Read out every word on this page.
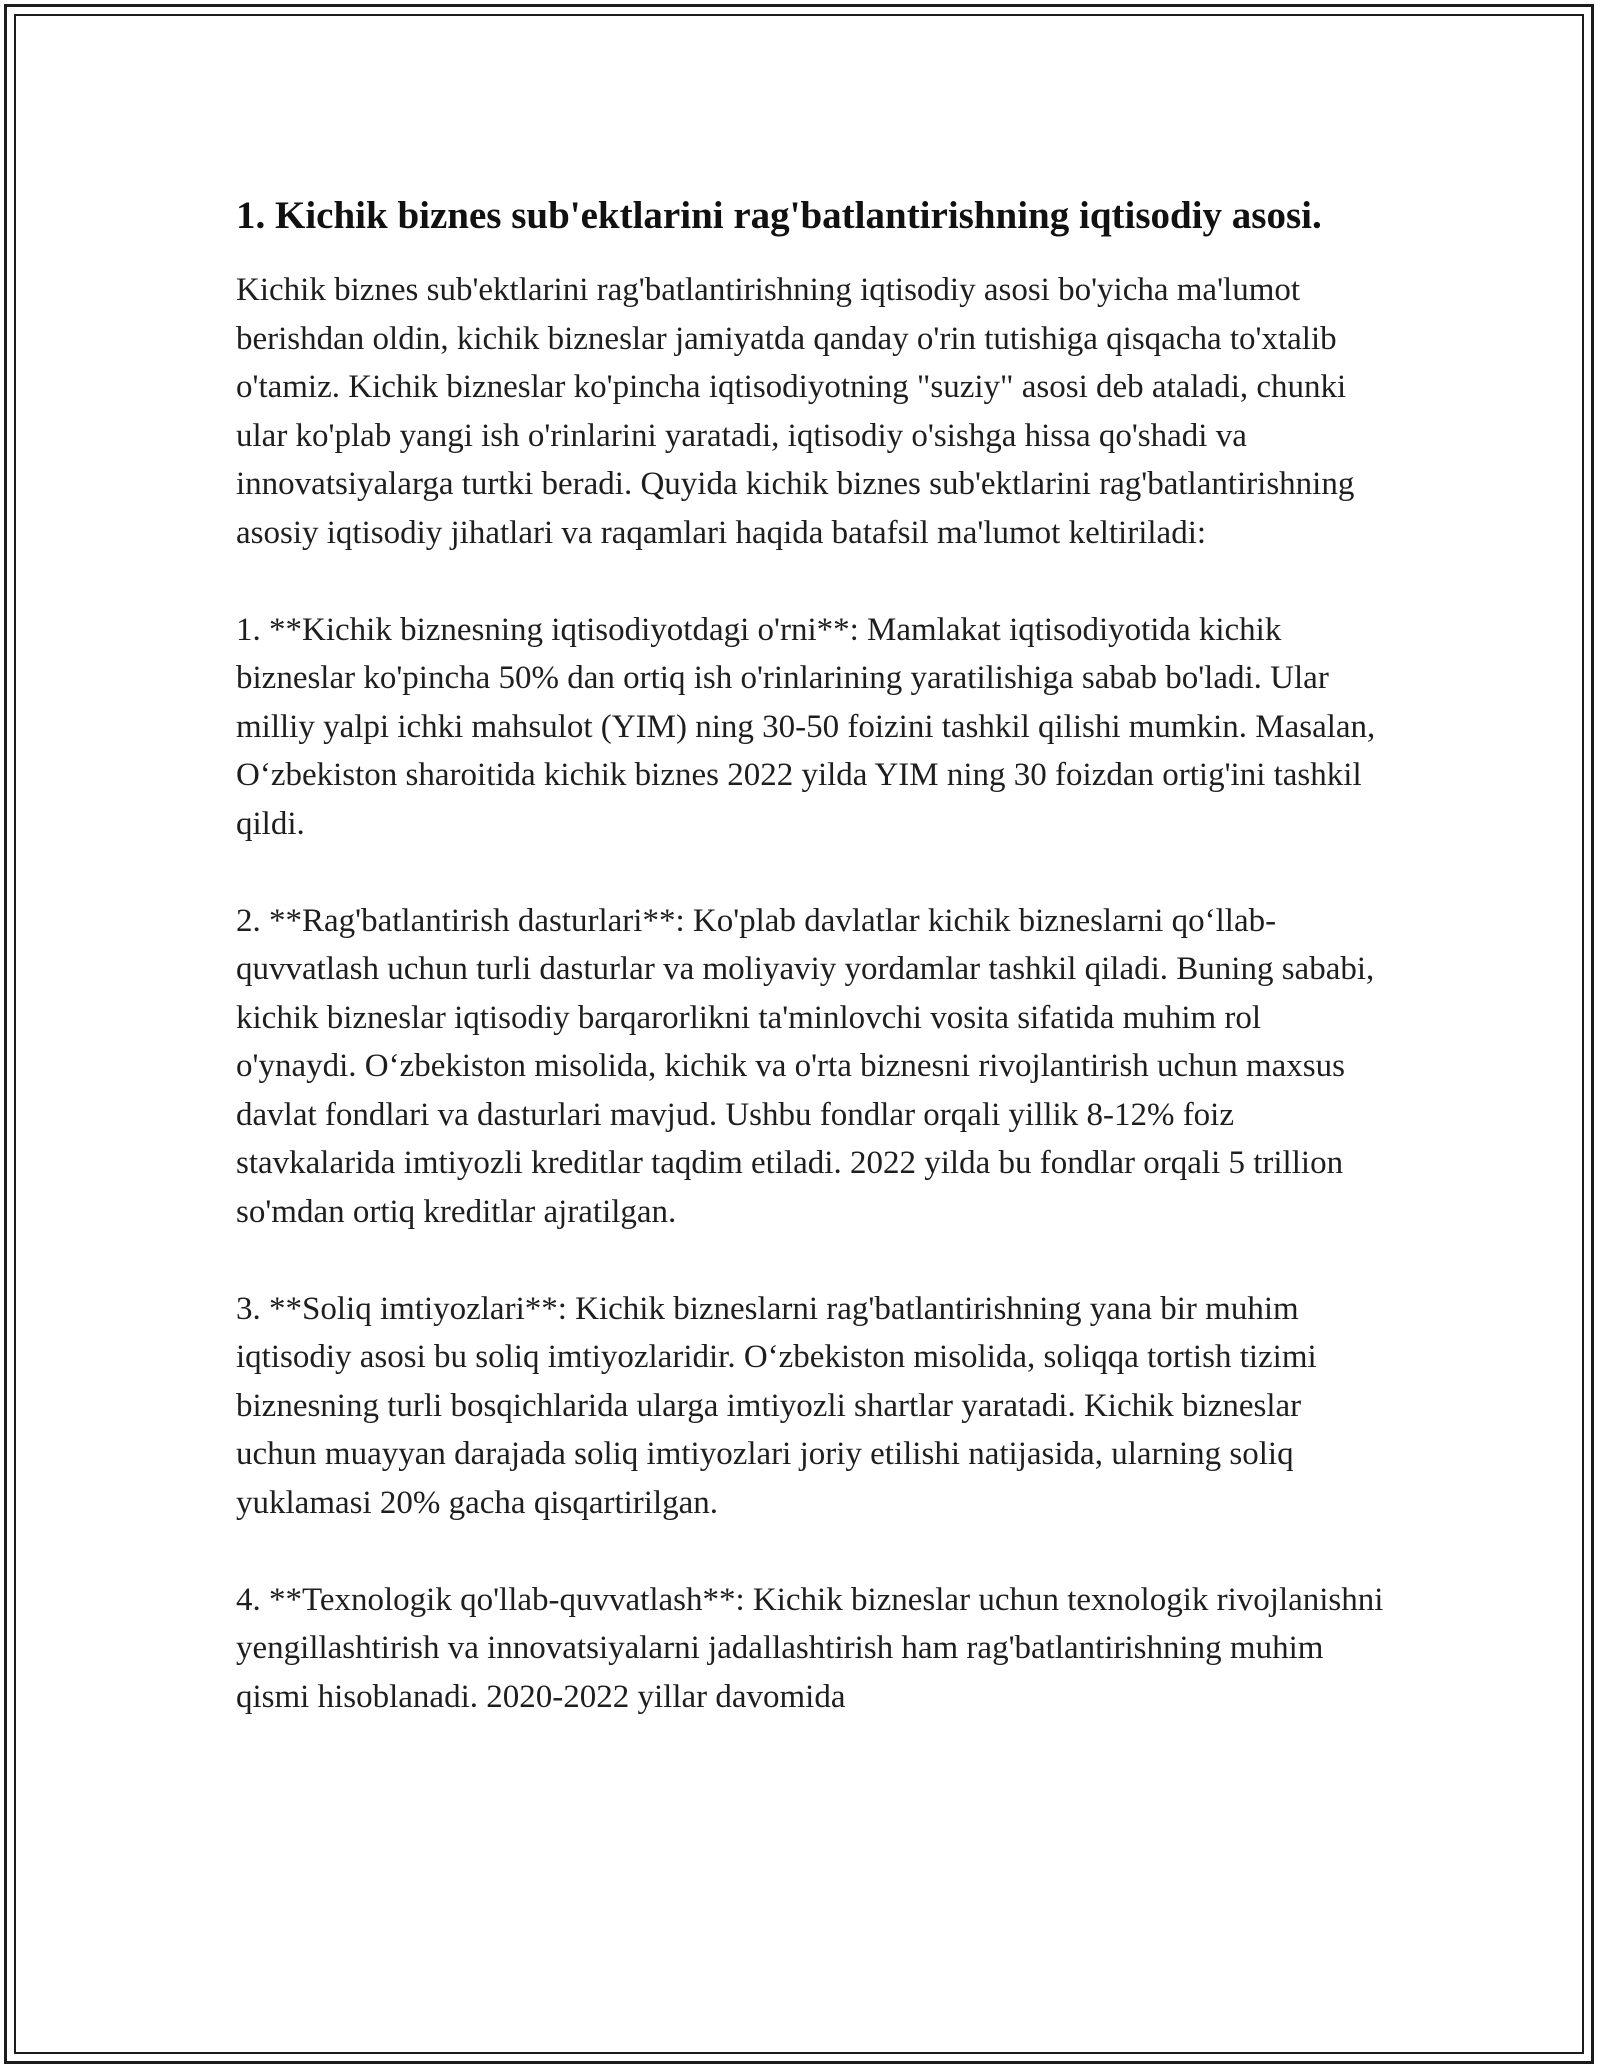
1. Kichik biznes sub'ektlarini rag'batlantirishning iqtisodiy asosi.

Kichik biznes sub'ektlarini rag'batlantirishning iqtisodiy asosi bo'yicha ma'lumot berishdan oldin, kichik bizneslar jamiyatda qanday o'rin tutishiga qisqacha to'xtalib o'tamiz. Kichik bizneslar ko'pincha iqtisodiyotning "suziy" asosi deb ataladi, chunki ular ko'plab yangi ish o'rinlarini yaratadi, iqtisodiy o'sishga hissa qo'shadi va innovatsiyalarga turtki beradi. Quyida kichik biznes sub'ektlarini rag'batlantirishning asosiy iqtisodiy jihatlari va raqamlari haqida batafsil ma'lumot keltiriladi:

1. **Kichik biznesning iqtisodiyotdagi o'rni**: Mamlakat iqtisodiyotida kichik bizneslar ko'pincha 50% dan ortiq ish o'rinlarining yaratilishiga sabab bo'ladi. Ular milliy yalpi ichki mahsulot (YIM) ning 30-50 foizini tashkil qilishi mumkin. Masalan, O‘zbekiston sharoitida kichik biznes 2022 yilda YIM ning 30 foizdan ortig'ini tashkil qildi.

2. **Rag'batlantirish dasturlari**: Ko'plab davlatlar kichik bizneslarni qo‘llab-quvvatlash uchun turli dasturlar va moliyaviy yordamlar tashkil qiladi. Buning sababi, kichik bizneslar iqtisodiy barqarorlikni ta'minlovchi vosita sifatida muhim rol o'ynaydi. O‘zbekiston misolida, kichik va o'rta biznesni rivojlantirish uchun maxsus davlat fondlari va dasturlari mavjud. Ushbu fondlar orqali yillik 8-12% foiz stavkalarida imtiyozli kreditlar taqdim etiladi. 2022 yilda bu fondlar orqali 5 trillion so'mdan ortiq kreditlar ajratilgan.

3. **Soliq imtiyozlari**: Kichik bizneslarni rag'batlantirishning yana bir muhim iqtisodiy asosi bu soliq imtiyozlaridir. O‘zbekiston misolida, soliqqa tortish tizimi biznesning turli bosqichlarida ularga imtiyozli shartlar yaratadi. Kichik bizneslar uchun muayyan darajada soliq imtiyozlari joriy etilishi natijasida, ularning soliq yuklamasi 20% gacha qisqartirilgan.

4. **Texnologik qo'llab-quvvatlash**: Kichik bizneslar uchun texnologik rivojlanishni yengillashtirish va innovatsiyalarni jadallashtirish ham rag'batlantirishning muhim qismi hisoblanadi. 2020-2022 yillar davomida
